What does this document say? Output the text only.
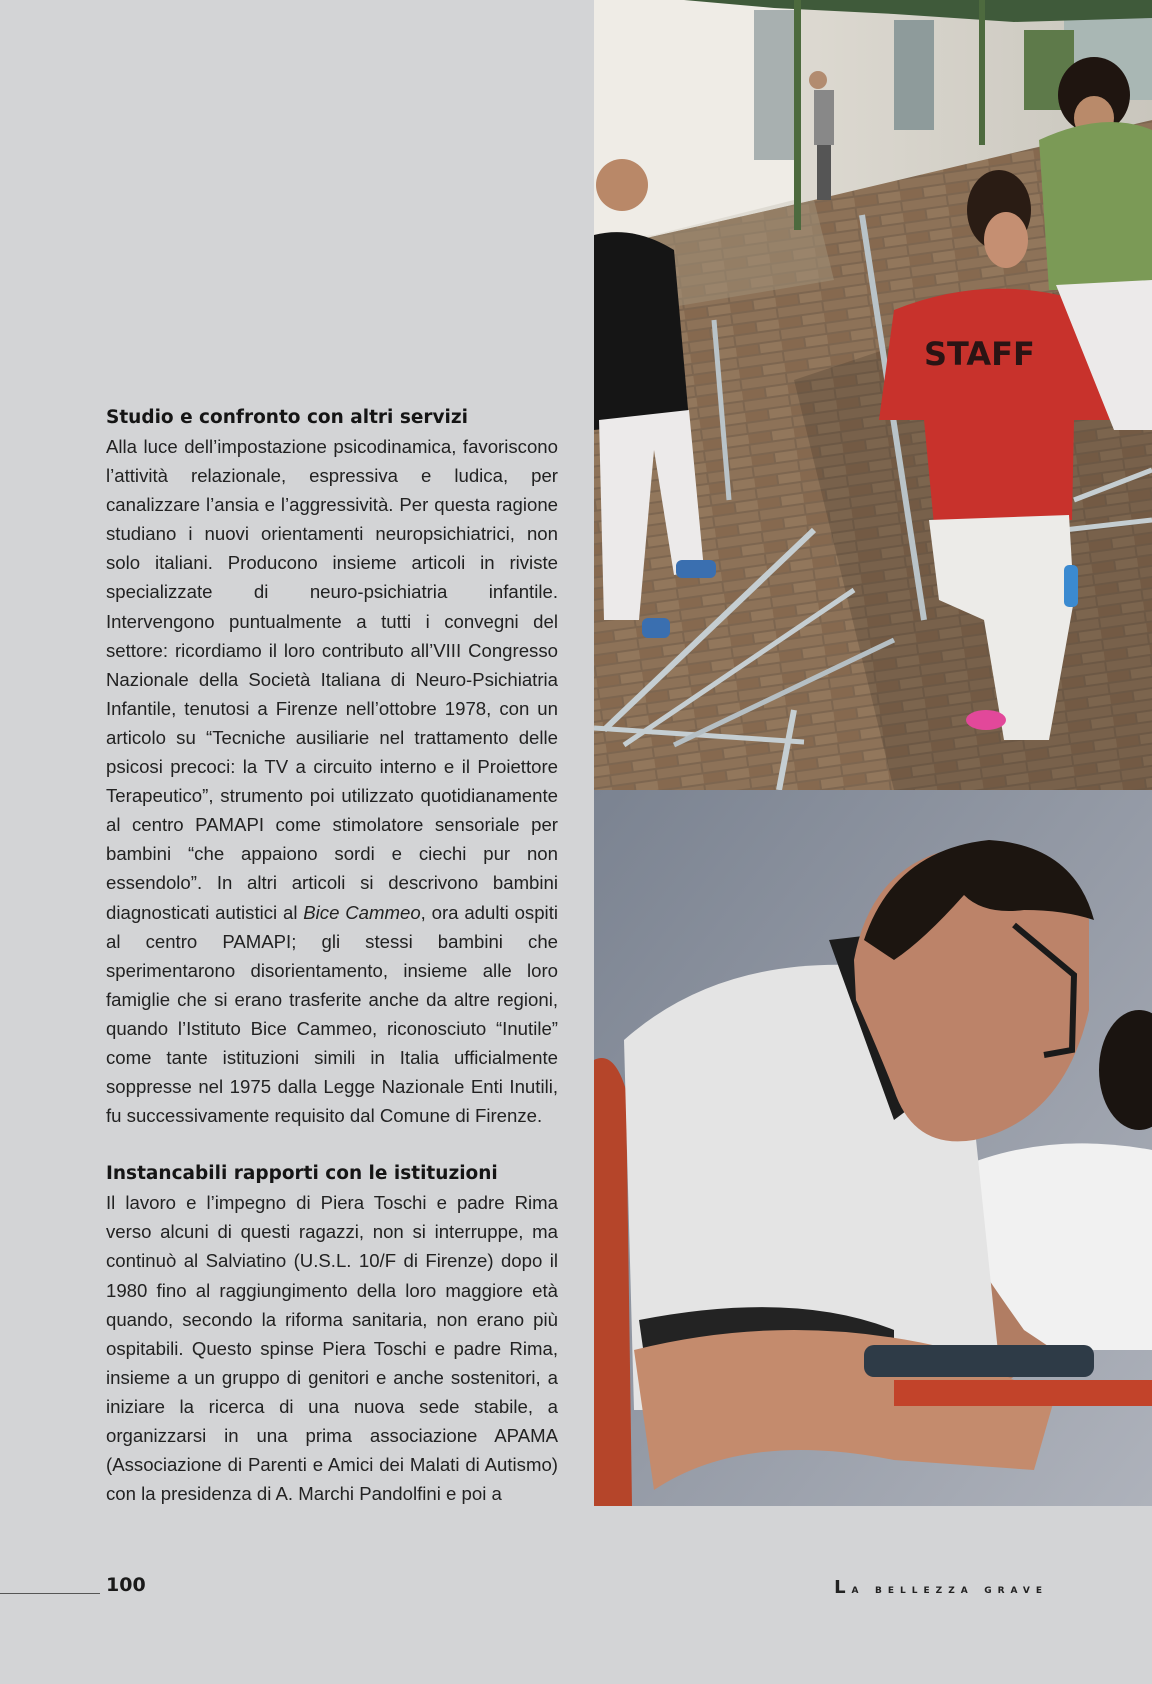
Studio e confronto con altri servizi

Alla luce dell’impostazione psicodinamica, favoriscono l’attività relazionale, espressiva e ludica, per canalizzare l’ansia e l’aggressività. Per questa ragione studiano i nuovi orientamenti neuropsichiatrici, non solo italiani. Producono insieme articoli in riviste specializzate di neuro-psichiatria infantile. Intervengono puntualmente a tutti i convegni del settore: ricordiamo il loro contributo all’VIII Congresso Nazionale della Società Italiana di Neuro-Psichiatria Infantile, tenutosi a Firenze nell’ottobre 1978, con un articolo su “Tecniche ausiliarie nel trattamento delle psicosi precoci: la TV a circuito interno e il Proiettore Terapeutico”, strumento poi utilizzato quotidianamente al centro PAMAPI come stimolatore sensoriale per bambini “che appaiono sordi e ciechi pur non essendolo”. In altri articoli si descrivono bambini diagnosticati autistici al Bice Cammeo, ora adulti ospiti al centro PAMAPI; gli stessi bambini che sperimentarono disorientamento, insieme alle loro famiglie che si erano trasferite anche da altre regioni, quando l’Istituto Bice Cammeo, riconosciuto “Inutile” come tante istituzioni simili in Italia ufficialmente soppresse nel 1975 dalla Legge Nazionale Enti Inutili, fu successivamente requisito dal Comune di Firenze.

Instancabili rapporti con le istituzioni

Il lavoro e l’impegno di Piera Toschi e padre Rima verso alcuni di questi ragazzi, non si interruppe, ma continuò al Salviatino (U.S.L. 10/F di Firenze) dopo il 1980 fino al raggiungimento della loro maggiore età quando, secondo la riforma sanitaria, non erano più ospitabili. Questo spinse Piera Toschi e padre Rima, insieme a un gruppo di genitori e anche sostenitori, a iniziare la ricerca di una nuova sede stabile, a organizzarsi in una prima associazione APAMA (Associazione di Parenti e Amici dei Malati di Autismo) con la presidenza di A. Marchi Pandolfini e poi a

STAFF
100	La bellezza grave
